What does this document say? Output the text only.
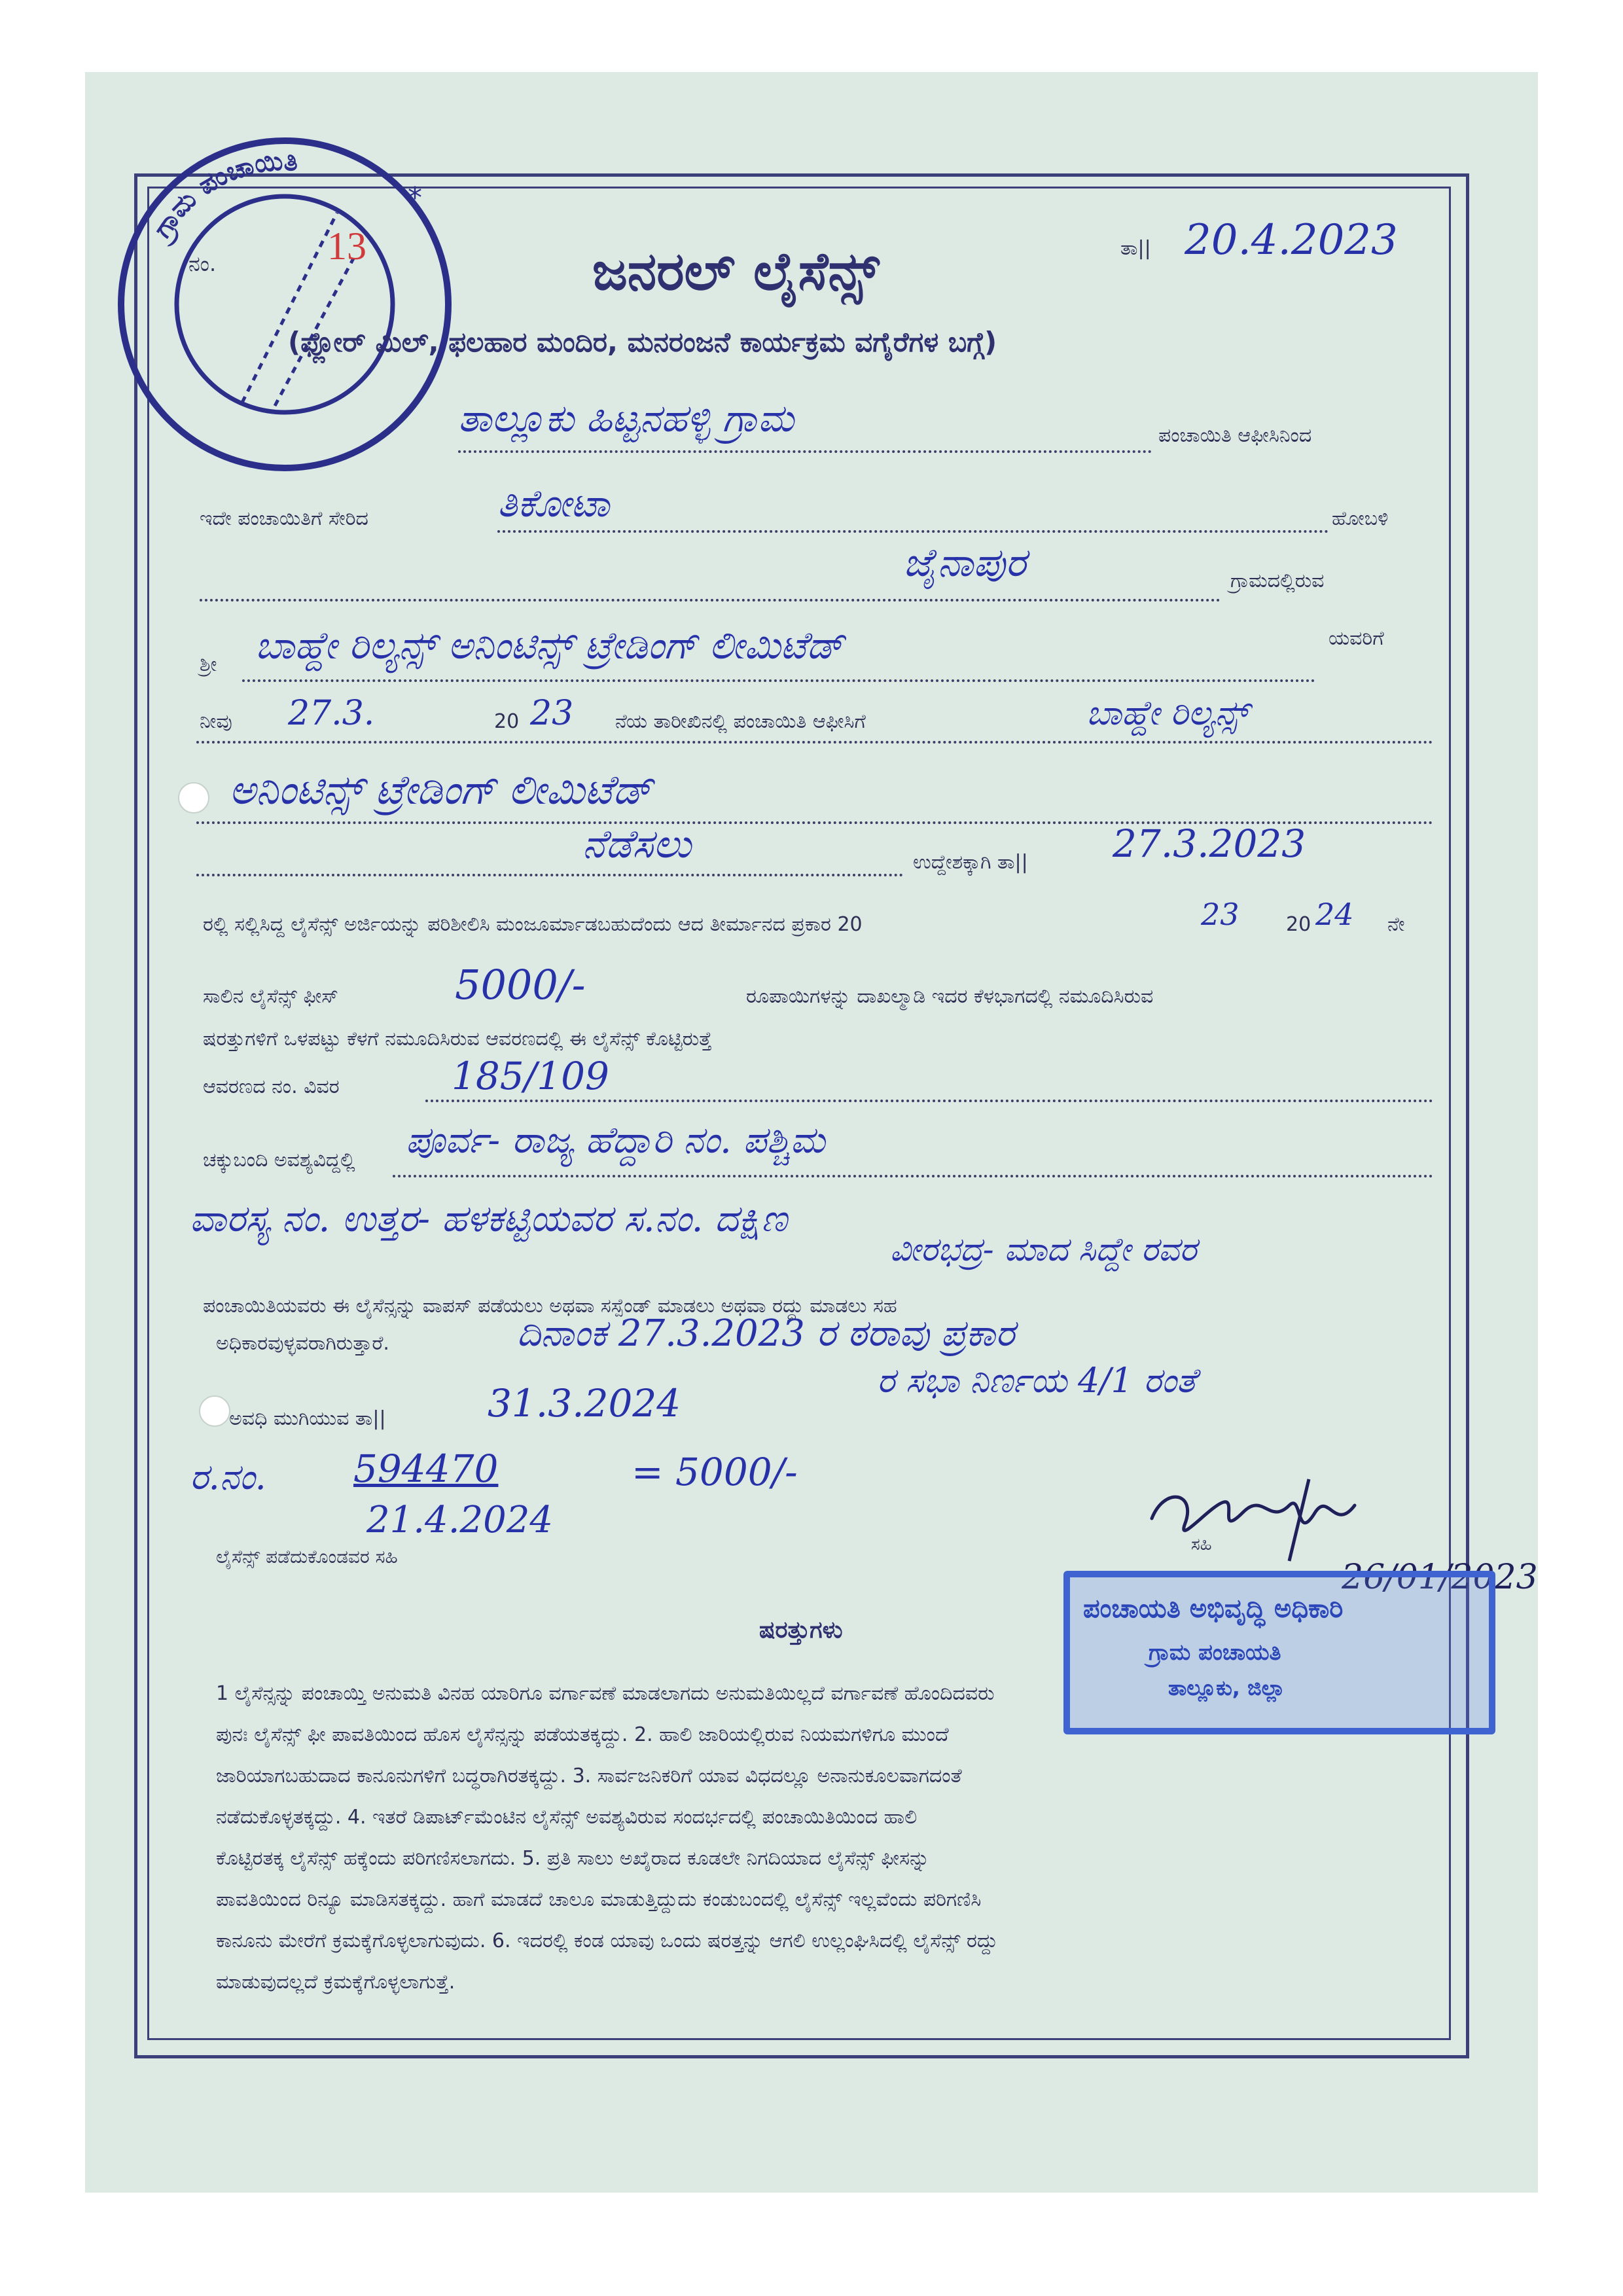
ಗ್ರಾಮ ಪಂಚಾಯಿತಿ
*
ನಂ.	13	ಜನರಲ್ ಲೈಸೆನ್ಸ್	ತಾ|| 20.4.2023
(ಫ್ಲೋರ್ ಮಿಲ್, ಫಲಹಾರ ಮಂದಿರ, ಮನರಂಜನೆ ಕಾರ್ಯಕ್ರಮ ವಗೈರೆಗಳ ಬಗ್ಗೆ)
ತಾಲ್ಲೂಕು ಹಿಟ್ಟನಹಳ್ಳಿ ಗ್ರಾಮ	ಪಂಚಾಯಿತಿ ಆಫೀಸಿನಿಂದ
ಇದೇ ಪಂಚಾಯಿತಿಗೆ ಸೇರಿದ	ತಿಕೋಟಾ	ಹೋಬಳಿ
ಜೈನಾಪುರ	ಗ್ರಾಮದಲ್ಲಿರುವ
ಶ್ರೀ ಬಾಹ್ದೇ ರಿಲ್ಯನ್ಸ್ ಅನಿಂಟಿನ್ಸ್ ಟ್ರೇಡಿಂಗ್ ಲೀಮಿಟೆಡ್	ಯವರಿಗೆ
ನೀವು 27.3.	20 23 ನೆಯ ತಾರೀಖಿನಲ್ಲಿ ಪಂಚಾಯಿತಿ ಆಫೀಸಿಗೆ	ಬಾಹ್ದೇ ರಿಲ್ಯನ್ಸ್
ಅನಿಂಟಿನ್ಸ್ ಟ್ರೇಡಿಂಗ್ ಲೀಮಿಟೆಡ್
ನೆಡೆಸಲು	ಉದ್ದೇಶಕ್ಕಾಗಿ ತಾ|| 27.3.2023
ರಲ್ಲಿ ಸಲ್ಲಿಸಿದ್ದ ಲೈಸೆನ್ಸ್ ಅರ್ಜಿಯನ್ನು ಪರಿಶೀಲಿಸಿ ಮಂಜೂರ್ಮಾಡಬಹುದೆಂದು ಆದ ತೀರ್ಮಾನದ ಪ್ರಕಾರ 20	23 20 24 ನೇ
ಸಾಲಿನ ಲೈಸೆನ್ಸ್ ಫೀಸ್	5000/-	ರೂಪಾಯಿಗಳನ್ನು ದಾಖಲ್ಮಾಡಿ ಇದರ ಕೆಳಭಾಗದಲ್ಲಿ ನಮೂದಿಸಿರುವ
ಷರತ್ತುಗಳಿಗೆ ಒಳಪಟ್ಟು ಕೆಳಗೆ ನಮೂದಿಸಿರುವ ಆವರಣದಲ್ಲಿ ಈ ಲೈಸೆನ್ಸ್ ಕೊಟ್ಟಿರುತ್ತೆ
ಆವರಣದ ನಂ. ವಿವರ	185/109
ಚಕ್ಕುಬಂದಿ ಅವಶ್ಯವಿದ್ದಲ್ಲಿ ಪೂರ್ವ- ರಾಜ್ಯ ಹೆದ್ದಾರಿ ನಂ. ಪಶ್ಚಿಮ
ವಾರಸ್ಯ ನಂ. ಉತ್ತರ- ಹಳಕಟ್ಟಿಯವರ ಸ.ನಂ. ದಕ್ಷಿಣ
ವೀರಭದ್ರ- ಮಾದ ಸಿದ್ದೇ ರವರ
ಪಂಚಾಯಿತಿಯವರು ಈ ಲೈಸೆನ್ಸನ್ನು ವಾಪಸ್ ಪಡೆಯಲು ಅಥವಾ ಸಸ್ಪೆಂಡ್ ಮಾಡಲು ಅಥವಾ ರದ್ದು ಮಾಡಲು ಸಹ
ಅಧಿಕಾರವುಳ್ಳವರಾಗಿರುತ್ತಾರೆ.	ದಿನಾಂಕ 27.3.2023 ರ ಠರಾವು ಪ್ರಕಾರ
ಅವಧಿ ಮುಗಿಯುವ ತಾ||	31.3.2024	ರ ಸಭಾ ನಿರ್ಣಯ 4/1 ರಂತೆ
ರ.ನಂ. 594470	= 5000/-
21.4.2024
ಲೈಸೆನ್ಸ್ ಪಡೆದುಕೊಂಡವರ ಸಹಿ
ಸಹಿ
26/01/2023
ಪಂಚಾಯತಿ ಅಭಿವೃದ್ಧಿ ಅಧಿಕಾರಿ
ಗ್ರಾಮ ಪಂಚಾಯತಿ
ತಾಲ್ಲೂಕು, ಜಿಲ್ಲಾ
ಷರತ್ತುಗಳು
1 ಲೈಸೆನ್ಸನ್ನು ಪಂಚಾಯ್ತಿ ಅನುಮತಿ ವಿನಹ ಯಾರಿಗೂ ವರ್ಗಾವಣೆ ಮಾಡಲಾಗದು ಅನುಮತಿಯಿಲ್ಲದೆ ವರ್ಗಾವಣೆ ಹೊಂದಿದವರು
ಪುನಃ ಲೈಸೆನ್ಸ್ ಫೀ ಪಾವತಿಯಿಂದ ಹೊಸ ಲೈಸೆನ್ಸನ್ನು ಪಡೆಯತಕ್ಕದ್ದು. 2. ಹಾಲಿ ಜಾರಿಯಲ್ಲಿರುವ ನಿಯಮಗಳಿಗೂ ಮುಂದೆ
ಜಾರಿಯಾಗಬಹುದಾದ ಕಾನೂನುಗಳಿಗೆ ಬದ್ಧರಾಗಿರತಕ್ಕದ್ದು. 3. ಸಾರ್ವಜನಿಕರಿಗೆ ಯಾವ ವಿಧದಲ್ಲೂ ಅನಾನುಕೂಲವಾಗದಂತೆ
ನಡೆದುಕೊಳ್ಳತಕ್ಕದ್ದು. 4. ಇತರೆ ಡಿಪಾರ್ಟ್‌ಮೆಂಟಿನ ಲೈಸೆನ್ಸ್ ಅವಶ್ಯವಿರುವ ಸಂದರ್ಭದಲ್ಲಿ ಪಂಚಾಯಿತಿಯಿಂದ ಹಾಲಿ
ಕೊಟ್ಟಿರತಕ್ಕ ಲೈಸೆನ್ಸ್ ಹಕ್ಕೆಂದು ಪರಿಗಣಿಸಲಾಗದು. 5. ಪ್ರತಿ ಸಾಲು ಅಖೈರಾದ ಕೂಡಲೇ ನಿಗದಿಯಾದ ಲೈಸೆನ್ಸ್ ಫೀಸನ್ನು
ಪಾವತಿಯಿಂದ ರಿನ್ಯೂ ಮಾಡಿಸತಕ್ಕದ್ದು. ಹಾಗೆ ಮಾಡದೆ ಚಾಲೂ ಮಾಡುತ್ತಿದ್ದುದು ಕಂಡುಬಂದಲ್ಲಿ ಲೈಸೆನ್ಸ್ ಇಲ್ಲವೆಂದು ಪರಿಗಣಿಸಿ
ಕಾನೂನು ಮೇರೆಗೆ ಕ್ರಮಕ್ಕೆಗೊಳ್ಳಲಾಗುವುದು. 6. ಇದರಲ್ಲಿ ಕಂಡ ಯಾವು ಒಂದು ಷರತ್ತನ್ನು ಆಗಲಿ ಉಲ್ಲಂಘಿಸಿದಲ್ಲಿ ಲೈಸೆನ್ಸ್ ರದ್ದು
ಮಾಡುವುದಲ್ಲದೆ ಕ್ರಮಕ್ಕೆಗೊಳ್ಳಲಾಗುತ್ತೆ.
